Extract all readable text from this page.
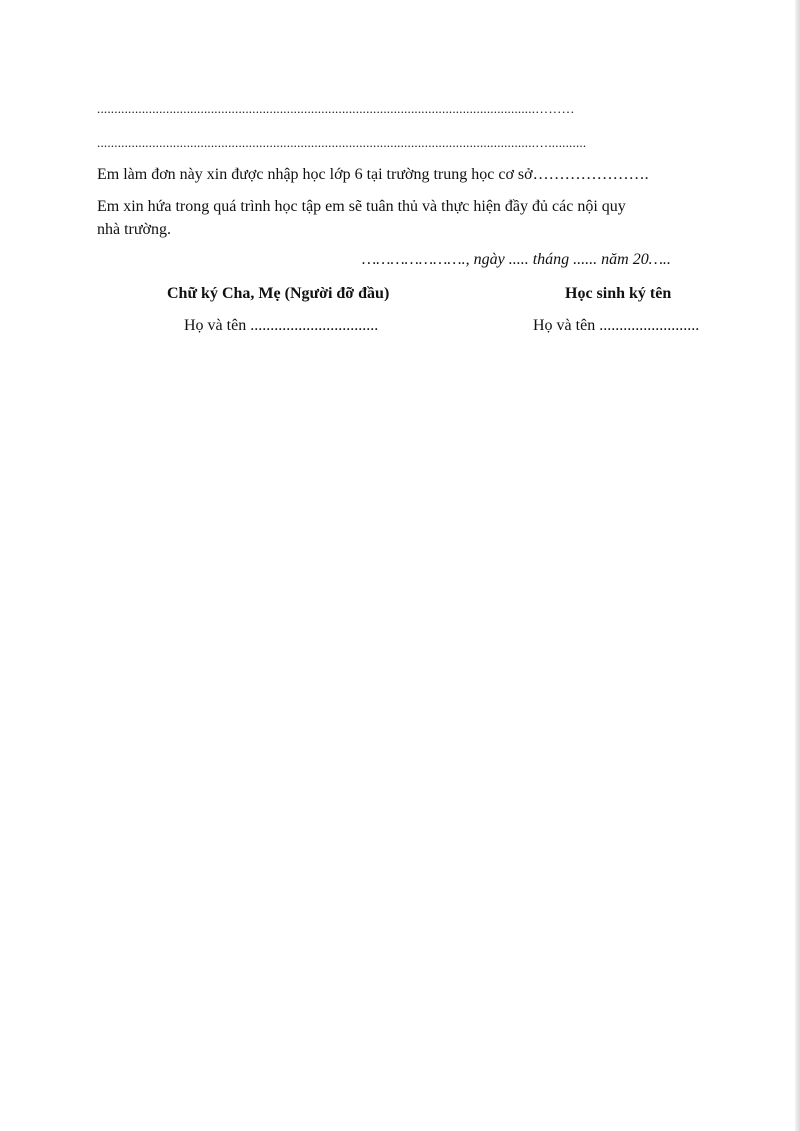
...............................................................................................................................………
...............................................................................................................................…...........
Em làm đơn này xin được nhập học lớp 6 tại trường trung học cơ sở………………….
Em xin hứa trong quá trình học tập em sẽ tuân thủ và thực hiện đầy đủ các nội quy
nhà trường.
…………………., ngày ..... tháng ...... năm 20…..
Chữ ký Cha, Mẹ (Người đỡ đầu)	Học sinh ký tên
Họ và tên ................................	Họ và tên .........................
